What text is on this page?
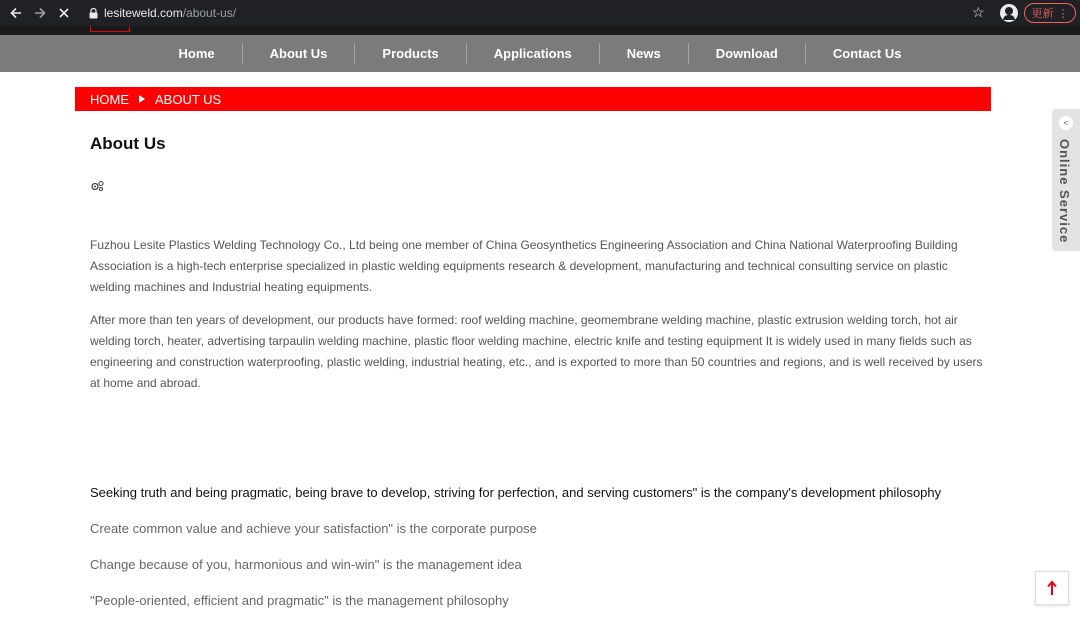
lesiteweld.com/about-us/	☆	更新 ⋮
Home	About Us	Products	Applications	News	Download	Contact Us
HOME ABOUT US
About Us

Fuzhou Lesite Plastics Welding Technology Co., Ltd being one member of China Geosynthetics Engineering Association and China National Waterproofing Building Association is a high-tech enterprise specialized in plastic welding equipments research & development, manufacturing and technical consulting service on plastic welding machines and Industrial heating equipments.

After more than ten years of development, our products have formed: roof welding machine, geomembrane welding machine, plastic extrusion welding torch, hot air welding torch, heater, advertising tarpaulin welding machine, plastic floor welding machine, electric knife and testing equipment It is widely used in many fields such as engineering and construction waterproofing, plastic welding, industrial heating, etc., and is exported to more than 50 countries and regions, and is well received by users at home and abroad.

Seeking truth and being pragmatic, being brave to develop, striving for perfection, and serving customers" is the company's development philosophy
Create common value and achieve your satisfaction" is the corporate purpose
Change because of you, harmonious and win-win" is the management idea
"People-oriented, efficient and pragmatic" is the management philosophy
<
Online Service
